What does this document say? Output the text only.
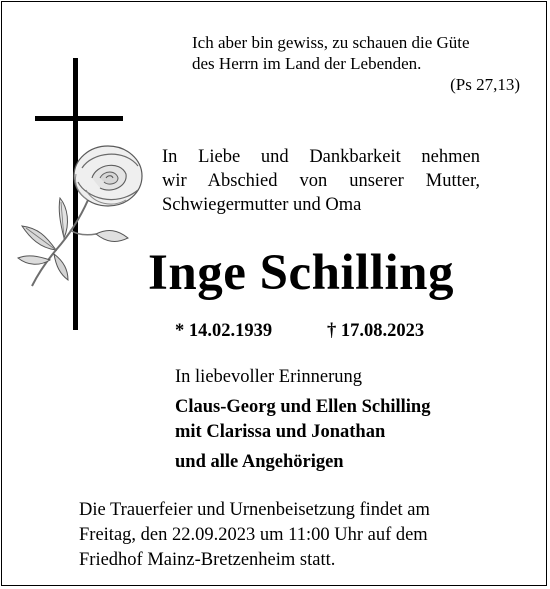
Ich aber bin gewiss, zu schauen die Güte
des Herrn im Land der Lebenden.
(Ps 27,13)
In Liebe und Dankbarkeit nehmen
wir Abschied von unserer Mutter,
Schwiegermutter und Oma
Inge Schilling
* 14.02.1939	† 17.08.2023
In liebevoller Erinnerung
Claus-Georg und Ellen Schilling
mit Clarissa und Jonathan
und alle Angehörigen
Die Trauerfeier und Urnenbeisetzung findet am
Freitag, den 22.09.2023 um 11:00 Uhr auf dem
Friedhof Mainz-Bretzenheim statt.
